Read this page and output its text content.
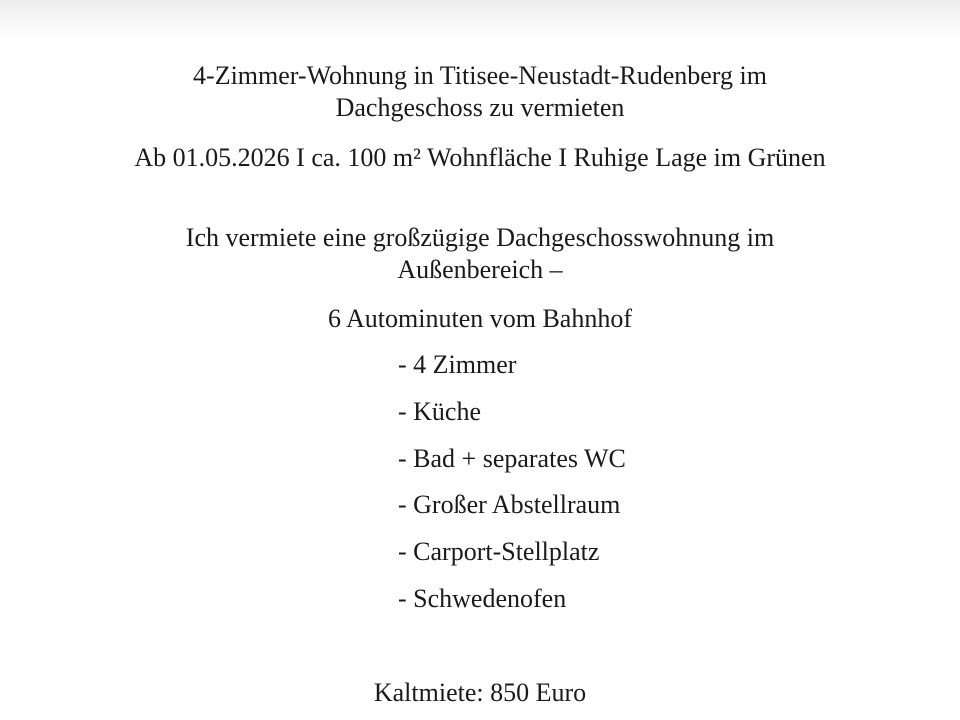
4-Zimmer-Wohnung in Titisee-Neustadt-Rudenberg im Dachgeschoss zu vermieten
Ab 01.05.2026 I ca. 100 m² Wohnfläche I Ruhige Lage im Grünen
Ich vermiete eine großzügige Dachgeschosswohnung im Außenbereich –
6 Autominuten vom Bahnhof
- 4 Zimmer
- Küche
- Bad + separates WC
- Großer Abstellraum
- Carport-Stellplatz
- Schwedenofen
Kaltmiete: 850 Euro
